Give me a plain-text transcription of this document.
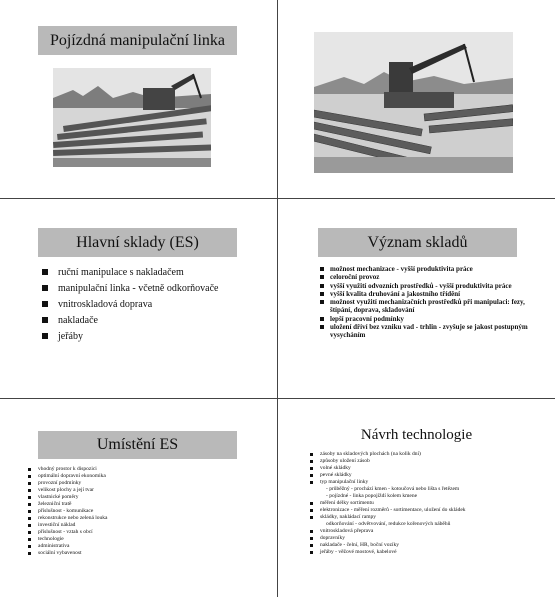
Pojízdná manipulační linka
Hlavní sklady (ES)
ruční manipulace s nakladačem
manipulační linka - včetně odkorňovače
vnitroskladová doprava
nakladače
jeřáby
Význam skladů
možnost mechanizace - vyšší produktivita práce
celoroční provoz
vyšší využití odvozních prostředků - vyšší produktivita práce
vyšší kvalita druhování a jakostního třídění
možnost využití mechanizačních prostředků při manipulaci: fezy, štípání, doprava, skladování
lepší pracovní podmínky
uložení dříví bez vzniku vad - trhlin - zvyšuje se jakost postupným vysycháním
Umístění ES
vhodný prostor k dispozici
optimální dopravní ekonomika
provozní podmínky
velikost plochy a její tvar
vlastnické poměry
železniční tratě
příslušnost - komunikace
rekonstrukce nebo zelená louka
investiční náklad
příslušnost - vztah s obcí
technologie
administrativa
sociální vybavenost
Návrh technologie
zásoby na skladových plochách (na kolik dní)
způsoby uložení zásob
volné skládky
pevné skládky
typ manipulační linky
- průběžný - prochází kmen - kotoučová nebo lišta s řetězem
- pojízdné - linka popojíždí kolem kmene
měření délky sortimentu
elektronizace - měření rozměrů - sortimentace, uložení do skládek
skládky, nakládací rampy
odkorňování - odvětvování, redukce kořenových náběhů
vnitroskladová přeprava
dopravníky
nakladače - čelní, HR, boční vozíky
jeřáby - věžové mostové, kabelové
